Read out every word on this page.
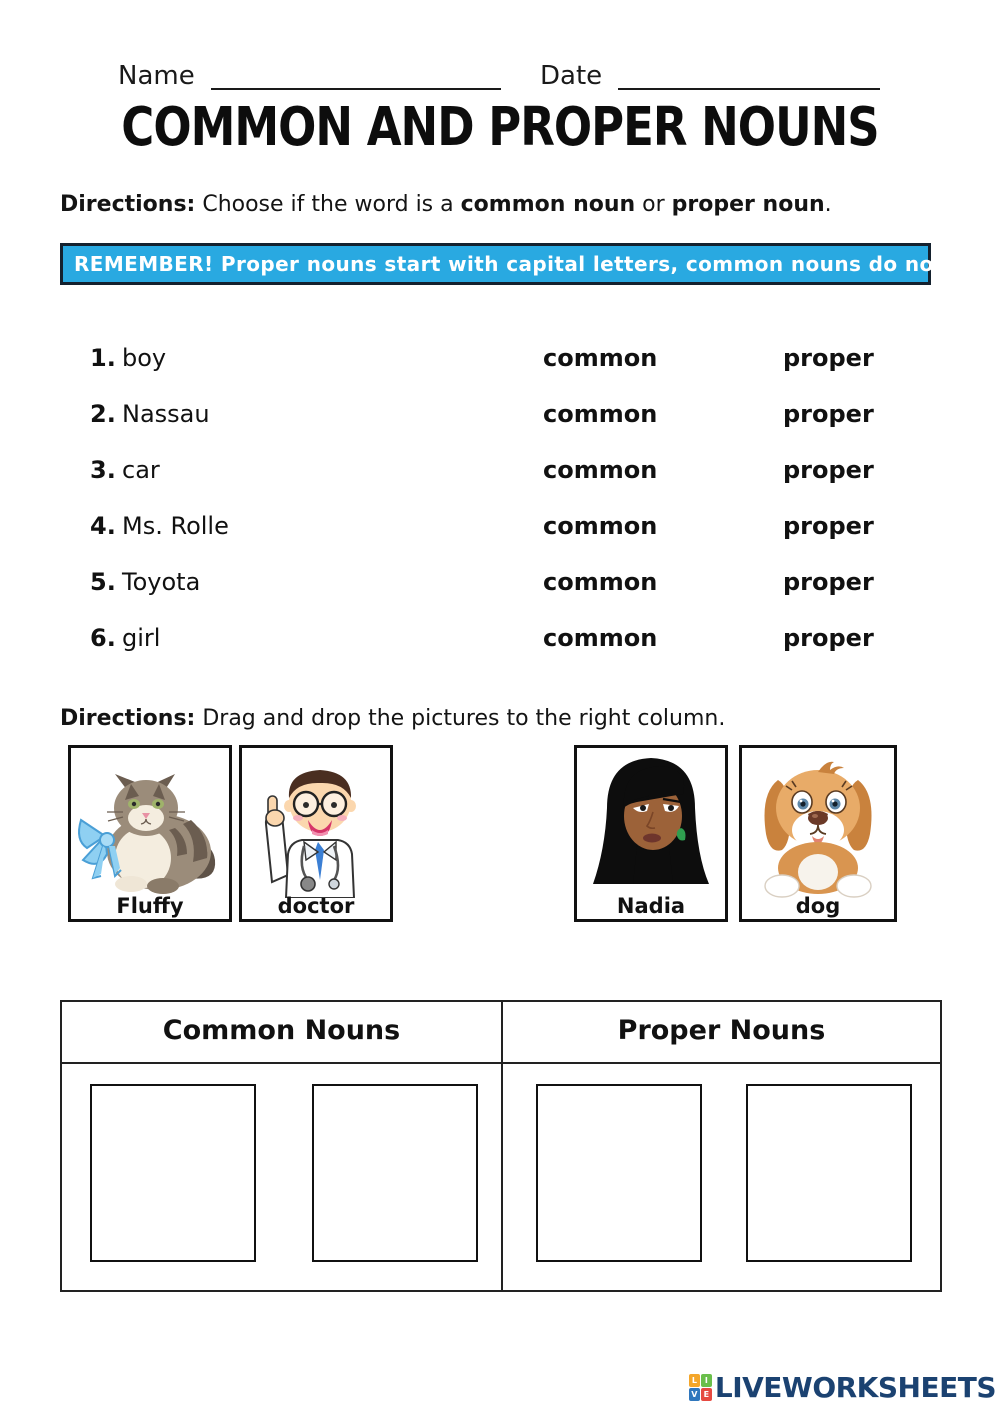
Name	Date
COMMON AND PROPER NOUNS
Directions: Choose if the word is a common noun or proper noun.
REMEMBER! Proper nouns start with capital letters, common nouns do not.
1. boy	common	proper
2. Nassau	common	proper
3. car	common	proper
4. Ms. Rolle	common	proper
5. Toyota	common	proper
6. girl	common	proper
Directions: Drag and drop the pictures to the right column.
Fluffy	doctor	Nadia	dog
Common Nouns	Proper Nouns
L I
V E LIVEWORKSHEETS
